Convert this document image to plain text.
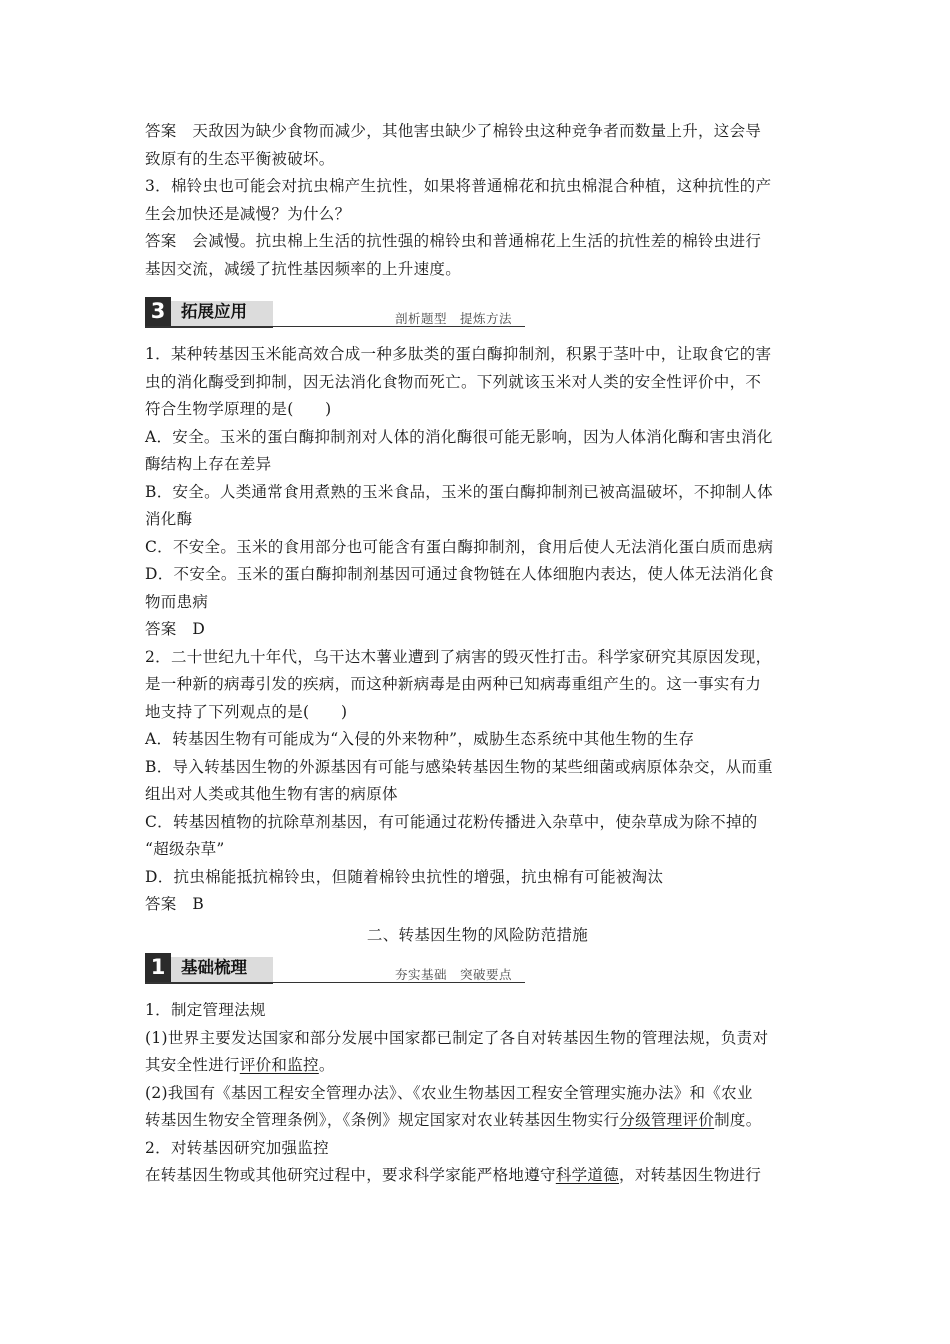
答案　天敌因为缺少食物而减少，其他害虫缺少了棉铃虫这种竞争者而数量上升，这会导

致原有的生态平衡被破坏。

3．棉铃虫也可能会对抗虫棉产生抗性，如果将普通棉花和抗虫棉混合种植，这种抗性的产

生会加快还是减慢？为什么？

答案　会减慢。抗虫棉上生活的抗性强的棉铃虫和普通棉花上生活的抗性差的棉铃虫进行

基因交流，减缓了抗性基因频率的上升速度。

3 拓展应用	剖析题型　提炼方法

1．某种转基因玉米能高效合成一种多肽类的蛋白酶抑制剂，积累于茎叶中，让取食它的害

虫的消化酶受到抑制，因无法消化食物而死亡。下列就该玉米对人类的安全性评价中，不

符合生物学原理的是(　　)

A．安全。玉米的蛋白酶抑制剂对人体的消化酶很可能无影响，因为人体消化酶和害虫消化

酶结构上存在差异

B．安全。人类通常食用煮熟的玉米食品，玉米的蛋白酶抑制剂已被高温破坏，不抑制人体

消化酶

C．不安全。玉米的食用部分也可能含有蛋白酶抑制剂，食用后使人无法消化蛋白质而患病

D．不安全。玉米的蛋白酶抑制剂基因可通过食物链在人体细胞内表达，使人体无法消化食

物而患病

答案　D

2．二十世纪九十年代，乌干达木薯业遭到了病害的毁灭性打击。科学家研究其原因发现，

是一种新的病毒引发的疾病，而这种新病毒是由两种已知病毒重组产生的。这一事实有力

地支持了下列观点的是(　　)

A．转基因生物有可能成为“入侵的外来物种”，威胁生态系统中其他生物的生存

B．导入转基因生物的外源基因有可能与感染转基因生物的某些细菌或病原体杂交，从而重

组出对人类或其他生物有害的病原体

C．转基因植物的抗除草剂基因，有可能通过花粉传播进入杂草中，使杂草成为除不掉的

“超级杂草”

D．抗虫棉能抵抗棉铃虫，但随着棉铃虫抗性的增强，抗虫棉有可能被淘汰

答案　B

二、转基因生物的风险防范措施

1 基础梳理	夯实基础　突破要点

1．制定管理法规

(1)世界主要发达国家和部分发展中国家都已制定了各自对转基因生物的管理法规，负责对

其安全性进行评价和监控。

(2)我国有《基因工程安全管理办法》、《农业生物基因工程安全管理实施办法》和《农业

转基因生物安全管理条例》，《条例》规定国家对农业转基因生物实行分级管理评价制度。

2．对转基因研究加强监控

在转基因生物或其他研究过程中，要求科学家能严格地遵守科学道德，对转基因生物进行
